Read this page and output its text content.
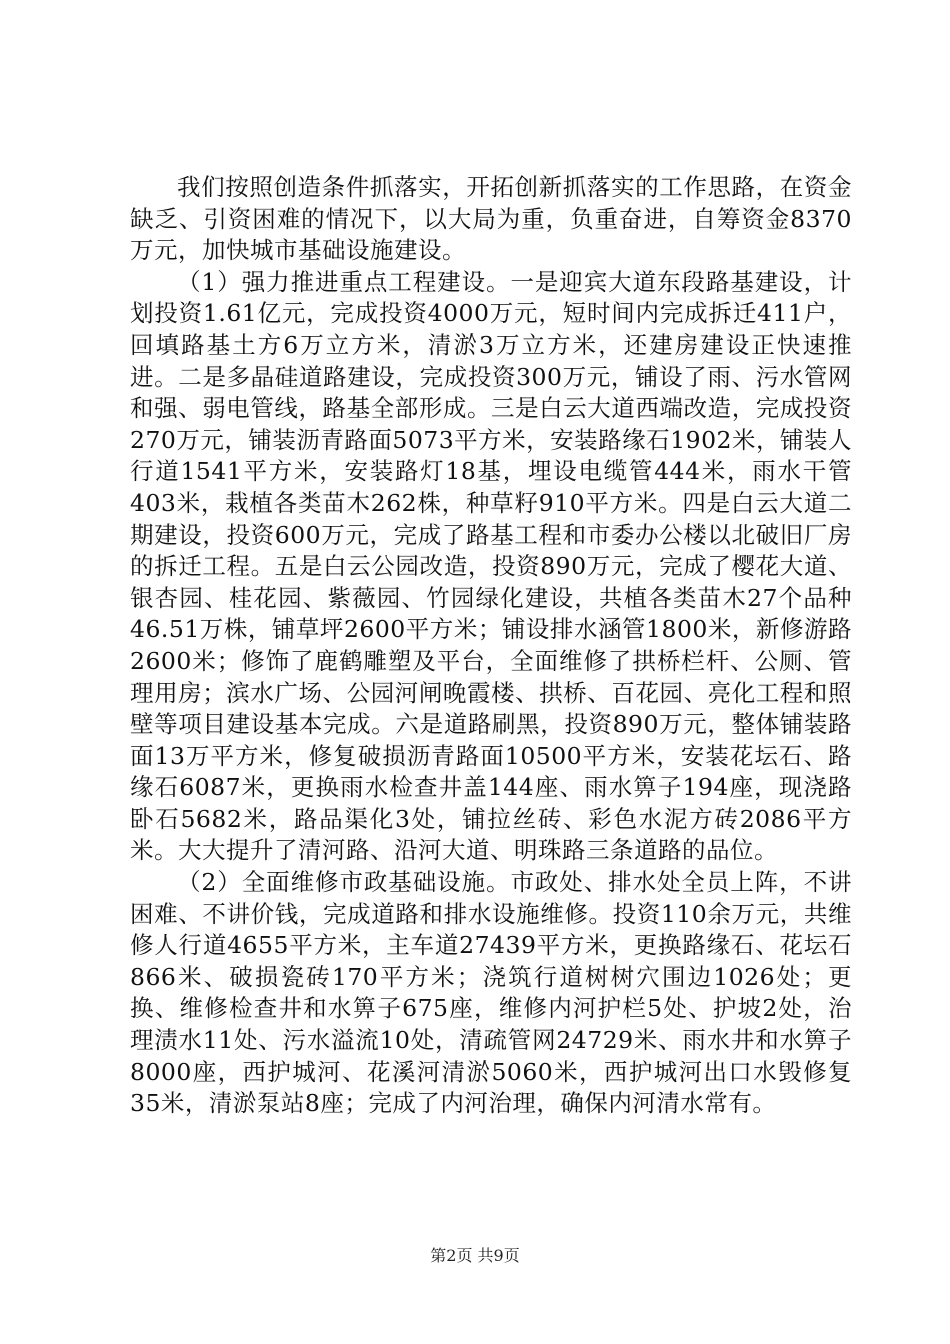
我们按照创造条件抓落实，开拓创新抓落实的工作思路，在资金缺乏、引资困难的情况下，以大局为重，负重奋进，自筹资金8370万元，加快城市基础设施建设。

（1）强力推进重点工程建设。一是迎宾大道东段路基建设，计划投资1.61亿元，完成投资4000万元，短时间内完成拆迁411户，回填路基土方6万立方米，清淤3万立方米，还建房建设正快速推进。二是多晶硅道路建设，完成投资300万元，铺设了雨、污水管网和强、弱电管线，路基全部形成。三是白云大道西端改造，完成投资270万元，铺装沥青路面5073平方米，安装路缘石1902米，铺装人行道1541平方米，安装路灯18基，埋设电缆管444米，雨水干管403米，栽植各类苗木262株，种草籽910平方米。四是白云大道二期建设，投资600万元，完成了路基工程和市委办公楼以北破旧厂房的拆迁工程。五是白云公园改造，投资890万元，完成了樱花大道、银杏园、桂花园、紫薇园、竹园绿化建设，共植各类苗木27个品种46.51万株，铺草坪2600平方米；铺设排水涵管1800米，新修游路2600米；修饰了鹿鹤雕塑及平台，全面维修了拱桥栏杆、公厕、管理用房；滨水广场、公园河闸晚霞楼、拱桥、百花园、亮化工程和照壁等项目建设基本完成。六是道路刷黑，投资890万元，整体铺装路面13万平方米，修复破损沥青路面10500平方米，安装花坛石、路缘石6087米，更换雨水检查井盖144座、雨水箅子194座，现浇路卧石5682米，路品渠化3处，铺拉丝砖、彩色水泥方砖2086平方米。大大提升了清河路、沿河大道、明珠路三条道路的品位。

（2）全面维修市政基础设施。市政处、排水处全员上阵，不讲困难、不讲价钱，完成道路和排水设施维修。投资110余万元，共维修人行道4655平方米，主车道27439平方米，更换路缘石、花坛石866米、破损瓷砖170平方米；浇筑行道树树穴围边1026处；更换、维修检查井和水箅子675座，维修内河护栏5处、护坡2处，治理渍水11处、污水溢流10处，清疏管网24729米、雨水井和水箅子8000座，西护城河、花溪河清淤5060米，西护城河出口水毁修复35米，清淤泵站8座；完成了内河治理，确保内河清水常有。

第2页 共9页
